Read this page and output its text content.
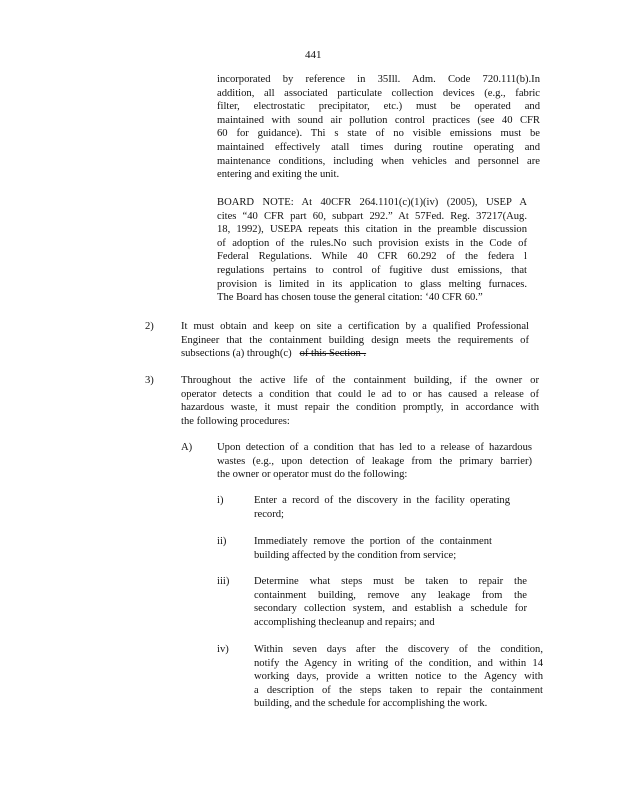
441
incorporated by reference in 35Ill. Adm. Code 720.111(b).In
addition, all associated particulate collection devices (e.g., fabric
filter, electrostatic precipitator, etc.) must be operated and
maintained with sound air pollution control practices (see 40 CFR
60 for guidance). Thi s state of no visible emissions must be
maintained effectively atall times during routine operating and
maintenance conditions, including when vehicles and personnel are
entering and exiting the unit.
BOARD NOTE: At 40CFR 264.1101(c)(1)(iv) (2005), USEP A
cites “40 CFR part 60, subpart 292.” At 57Fed. Reg. 37217(Aug.
18, 1992), USEPA repeats this citation in the preamble discussion
of adoption of the rules.No such provision exists in the Code of
Federal Regulations. While 40 CFR 60.292 of the federa l
regulations pertains to control of fugitive dust emissions, that
provision is limited in its application to glass melting furnaces.
The Board has chosen touse the general citation: ‘40 CFR 60.”
2)	It must obtain and keep on site a certification by a qualified Professional
Engineer that the containment building design meets the requirements of
subsections (a) through(c) of this Section .
3)	Throughout the active life of the containment building, if the owner or
operator detects a condition that could le ad to or has caused a release of
hazardous waste, it must repair the condition promptly, in accordance with
the following procedures:
A) Upon detection of a condition that has led to a release of hazardous
wastes (e.g., upon detection of leakage from the primary barrier)
the owner or operator must do the following:
i)	Enter a record of the discovery in the facility operating
record;
ii)	Immediately remove the portion of the containment
building affected by the condition from service;
iii) Determine what steps must be taken to repair the
containment building, remove any leakage from the
secondary collection system, and establish a schedule for
accomplishing thecleanup and repairs; and
iv) Within seven days after the discovery of the condition,
notify the Agency in writing of the condition, and within 14
working days, provide a written notice to the Agency with
a description of the steps taken to repair the containment
building, and the schedule for accomplishing the work.
